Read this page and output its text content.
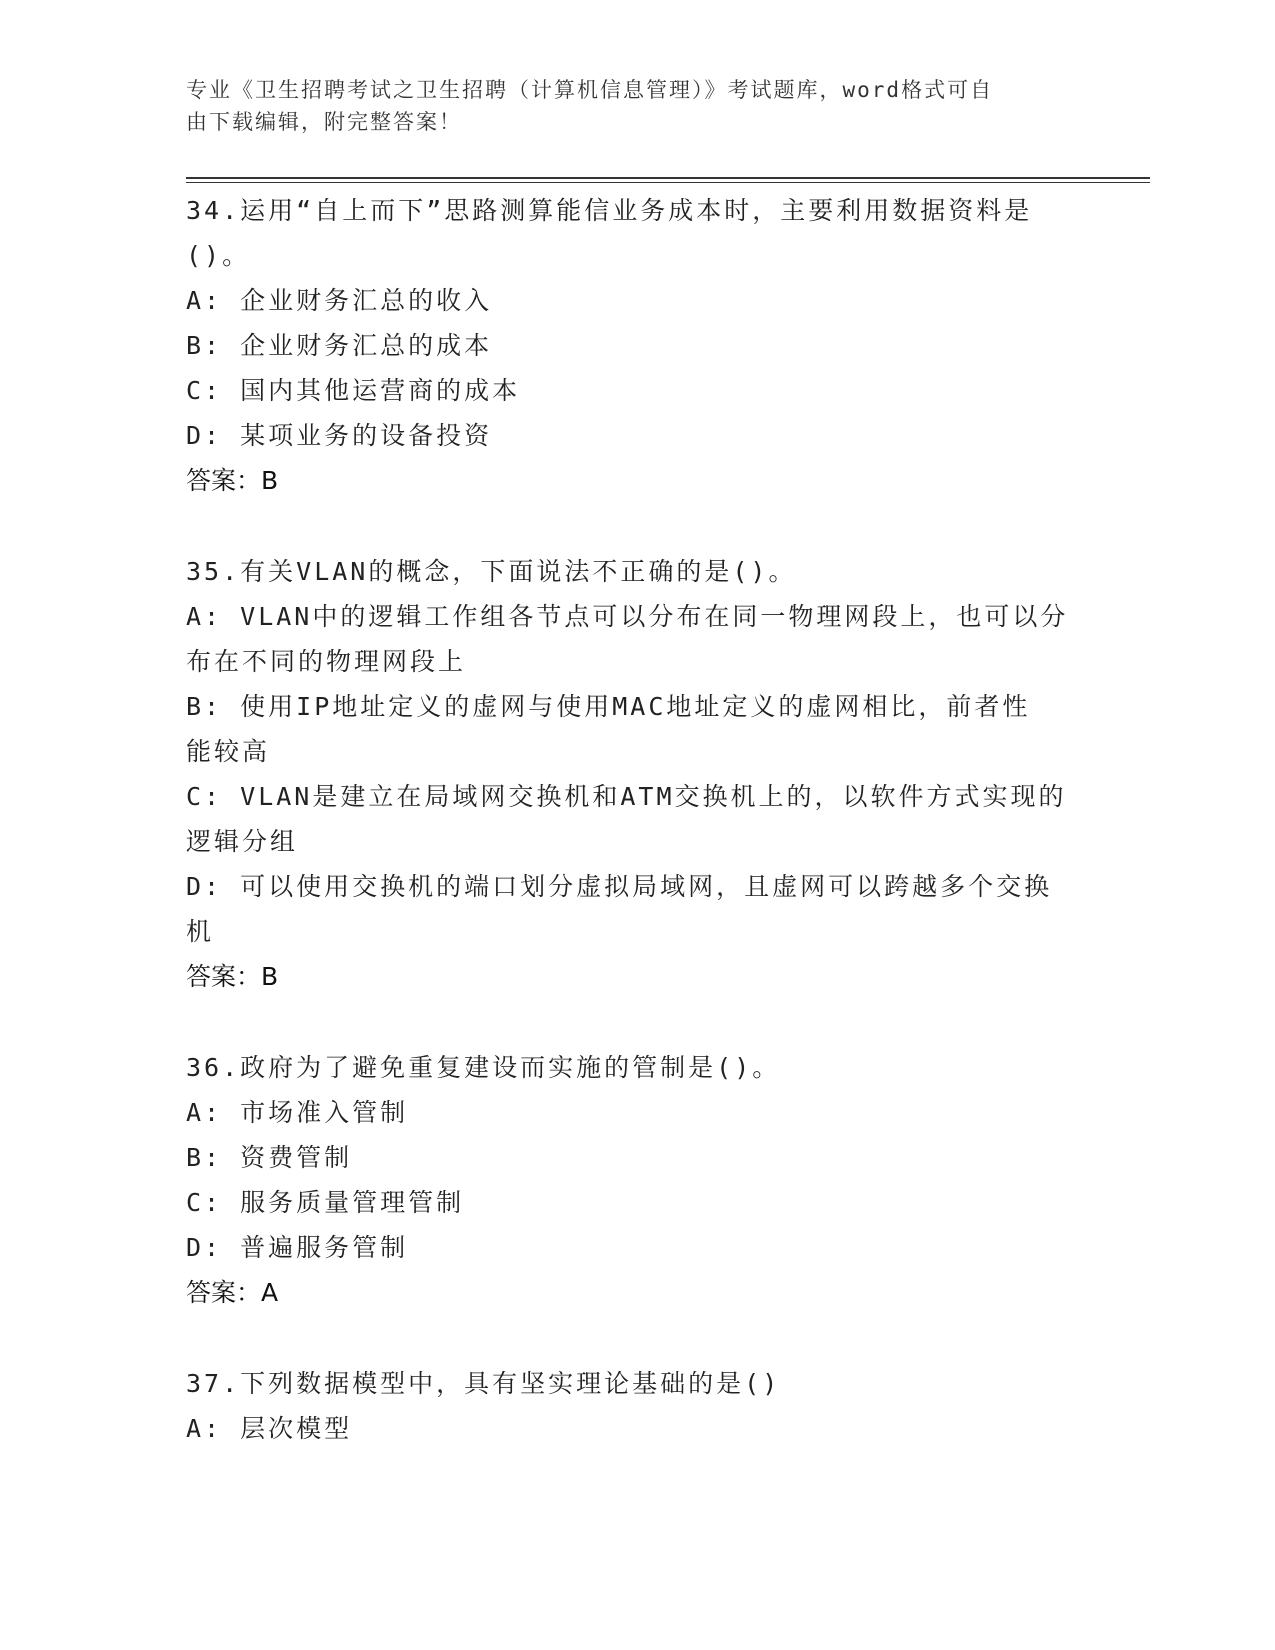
专业《卫生招聘考试之卫生招聘（计算机信息管理）》考试题库，word格式可自
由下载编辑，附完整答案！
34.运用“自上而下”思路测算能信业务成本时，主要利用数据资料是
()。
A: 企业财务汇总的收入
B: 企业财务汇总的成本
C: 国内其他运营商的成本
D: 某项业务的设备投资
答案：B
35.有关VLAN的概念，下面说法不正确的是()。
A: VLAN中的逻辑工作组各节点可以分布在同一物理网段上，也可以分
布在不同的物理网段上
B: 使用IP地址定义的虚网与使用MAC地址定义的虚网相比，前者性
能较高
C: VLAN是建立在局域网交换机和ATM交换机上的，以软件方式实现的
逻辑分组
D: 可以使用交换机的端口划分虚拟局域网，且虚网可以跨越多个交换
机
答案：B
36.政府为了避免重复建设而实施的管制是()。
A: 市场准入管制
B: 资费管制
C: 服务质量管理管制
D: 普遍服务管制
答案：A
37.下列数据模型中，具有坚实理论基础的是()
A: 层次模型
